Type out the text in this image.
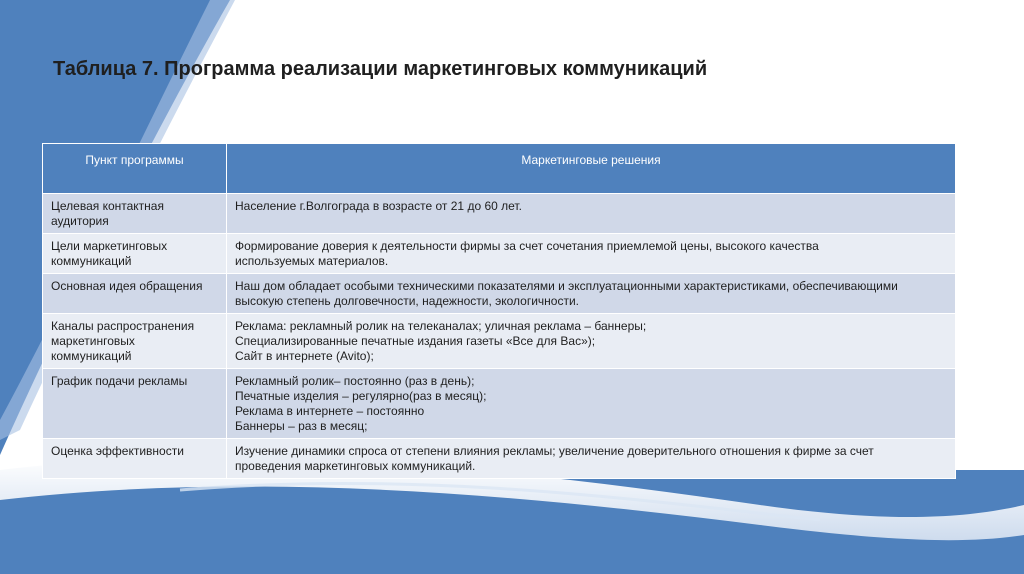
Таблица 7. Программа реализации маркетинговых коммуникаций
Пункт программы	Маркетинговые решения

Целевая контактная
аудитория	Население г.Волгограда в возрасте от 21 до 60 лет.

Цели маркетинговых
коммуникаций	Формирование доверия к деятельности фирмы за счет сочетания приемлемой цены, высокого качества
используемых материалов.

Основная идея обращения	Наш дом обладает особыми техническими показателями и эксплуатационными характеристиками, обеспечивающими
высокую степень долговечности, надежности, экологичности.

Каналы распространения
маркетинговых
коммуникаций	Реклама: рекламный ролик на телеканалах; уличная реклама – баннеры;
Специализированные печатные издания газеты «Все для Вас»);
Сайт в интернете (Avito);

График подачи рекламы	Рекламный ролик– постоянно (раз в день);
Печатные изделия – регулярно(раз в месяц);
Реклама в интернете – постоянно
Баннеры – раз в месяц;

Оценка эффективности	Изучение динамики спроса от степени влияния рекламы; увеличение доверительного отношения к фирме за счет
проведения маркетинговых коммуникаций.
